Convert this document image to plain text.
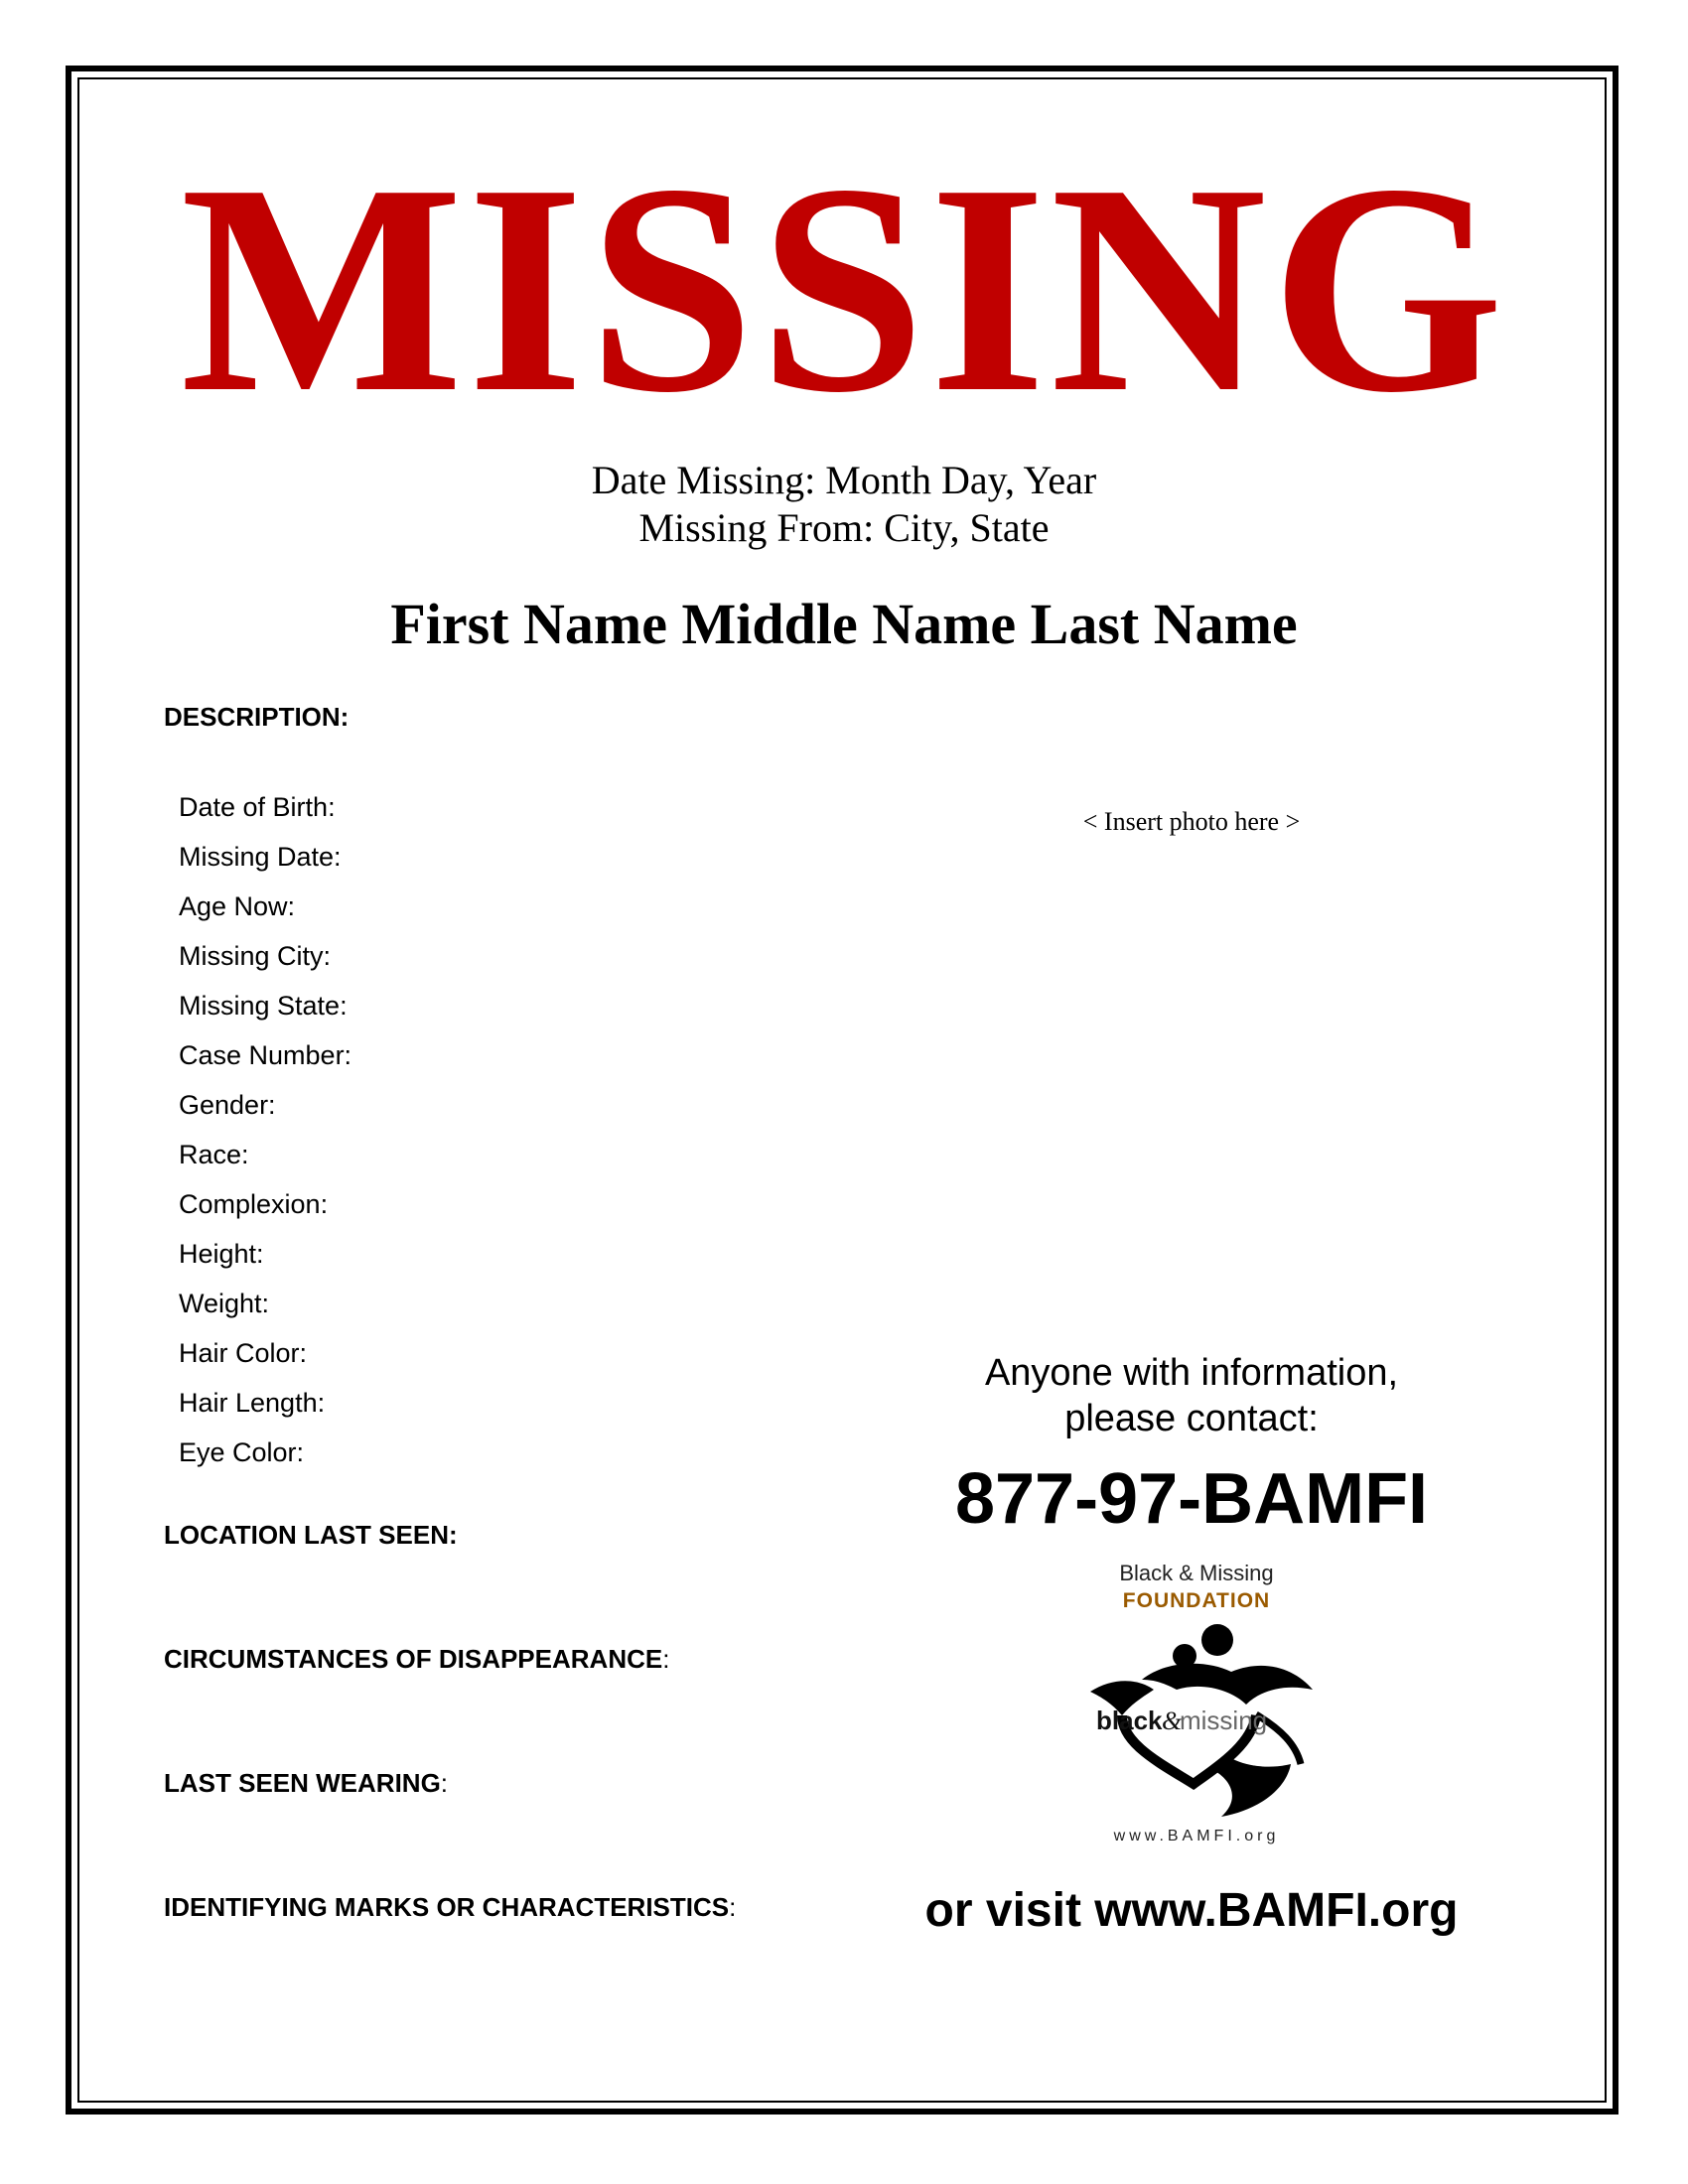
MISSING
Date Missing: Month Day, Year
Missing From: City, State
First Name Middle Name Last Name
DESCRIPTION:
Date of Birth:
Missing Date:
Age Now:
Missing City:
Missing State:
Case Number:
Gender:
Race:
Complexion:
Height:
Weight:
Hair Color:
Hair Length:
Eye Color:
< Insert photo here >
LOCATION LAST SEEN:
CIRCUMSTANCES OF DISAPPEARANCE:
LAST SEEN WEARING:
IDENTIFYING MARKS OR CHARACTERISTICS:
Anyone with information,
please contact:
877-97-BAMFI
Black & Missing
FOUNDATION
black &
missing
www.BAMFI.org
or visit www.BAMFI.org
